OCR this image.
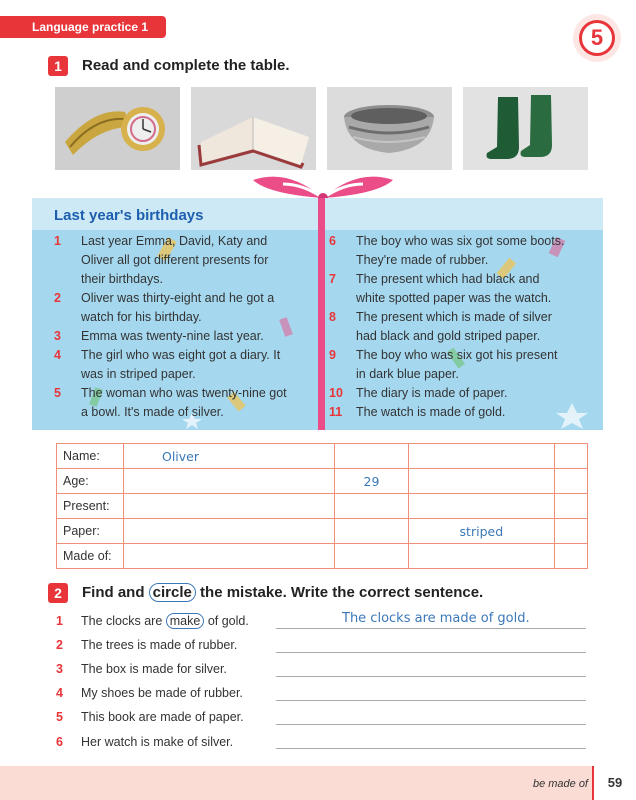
Language practice 1	5
1	Read and complete the table.
Last year's birthdays
1	Last year Emma, David, Katy and Oliver all got different presents for their birthdays.
2	Oliver was thirty-eight and he got a watch for his birthday.
3	Emma was twenty-nine last year.
4	The girl who was eight got a diary. It was in striped paper.
5	The woman who was twenty-nine got a bowl. It's made of silver.
6	The boy who was six got some boots. They're made of rubber.
7	The present which had black and white spotted paper was the watch.
8	The present which is made of silver had black and gold striped paper.
9	The boy who was six got his present in dark blue paper.
10	The diary is made of paper.
11	The watch is made of gold.
Name:	Oliver			
Age:		29		
Present:				
Paper:			striped	
Made of:				
2	Find and circle the mistake. Write the correct sentence.
1 The clocks are make of gold.	The clocks are made of gold.
2 The trees is made of rubber.
3 The box is made for silver.
4 My shoes be made of rubber.
5 This book are made of paper.
6 Her watch is make of silver.
be made of	59
